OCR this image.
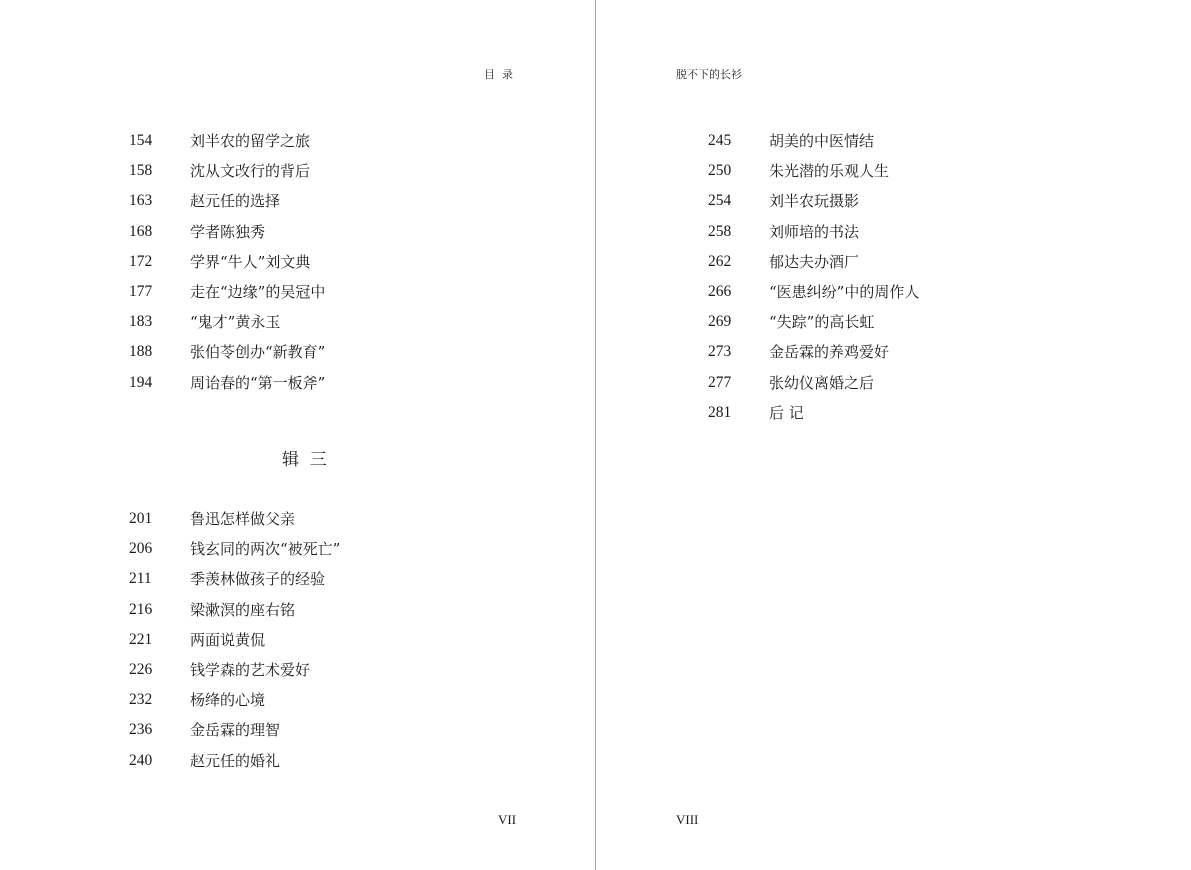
目  录
154	刘半农的留学之旅
158	沈从文改行的背后
163	赵元任的选择
168	学者陈独秀
172	学界“牛人”刘文典
177	走在“边缘”的吴冠中
183	“鬼才”黄永玉
188	张伯苓创办“新教育”
194	周诒春的“第一板斧”
辑  三
201	鲁迅怎样做父亲
206	钱玄同的两次“被死亡”
211	季羡林做孩子的经验
216	梁漱溟的座右铭
221	两面说黄侃
226	钱学森的艺术爱好
232	杨绛的心境
236	金岳霖的理智
240	赵元任的婚礼
VII
脱不下的长衫
245	胡美的中医情结
250	朱光潜的乐观人生
254	刘半农玩摄影
258	刘师培的书法
262	郁达夫办酒厂
266	“医患纠纷”中的周作人
269	“失踪”的高长虹
273	金岳霖的养鸡爱好
277	张幼仪离婚之后
281	后 记
VIII
